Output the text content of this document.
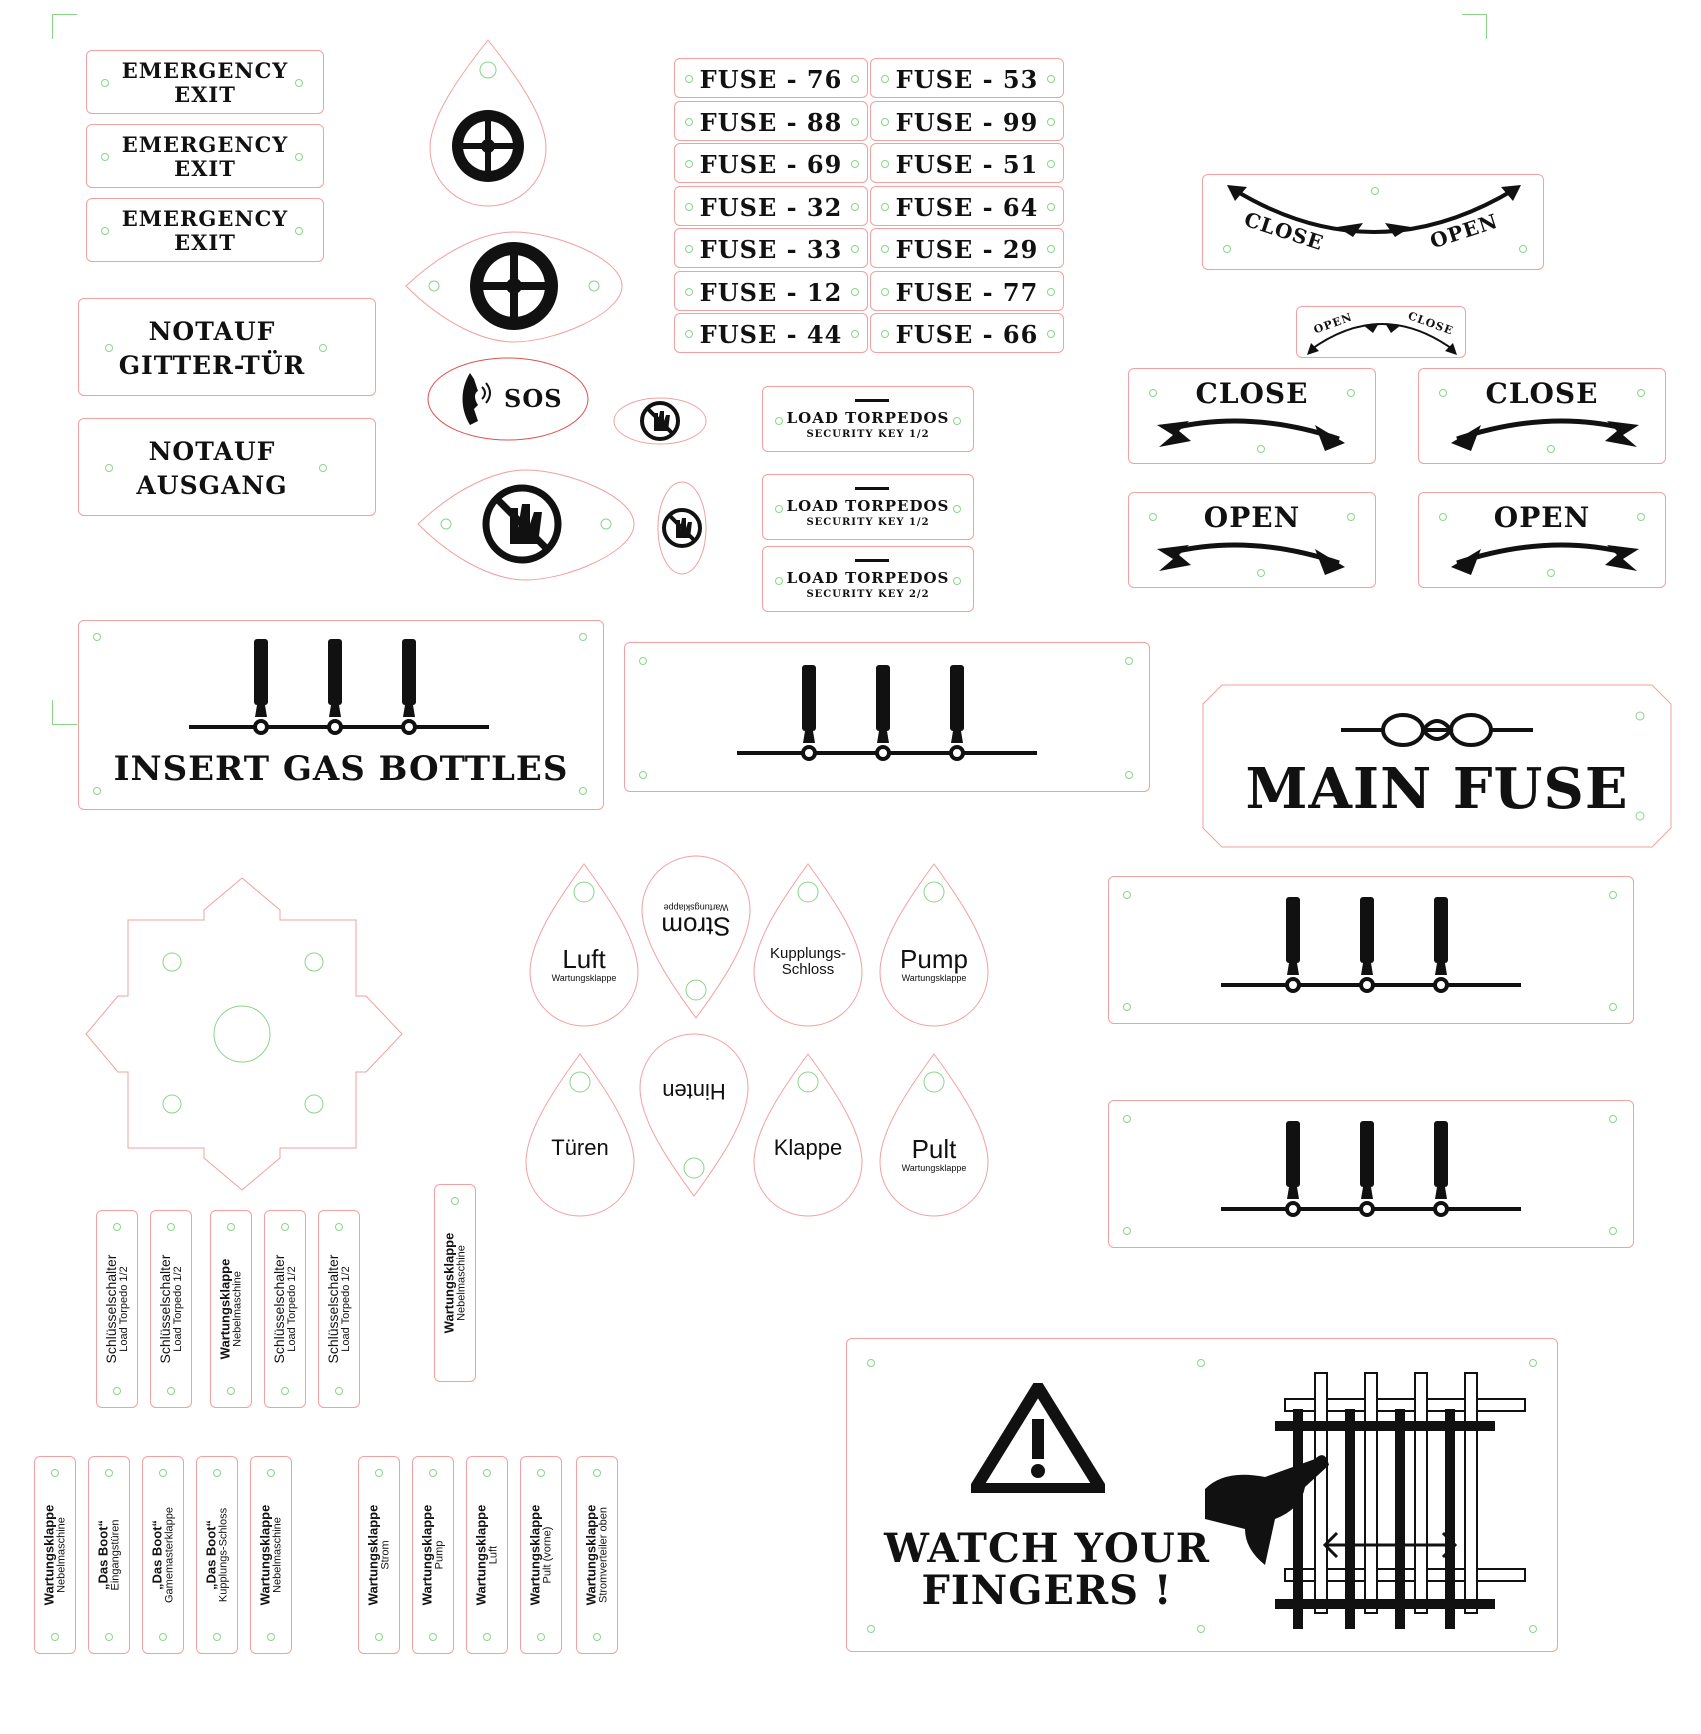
NOTAUF
GITTER-TÜR
NOTAUF
AUSGANG
SOS
CLOSE	OPEN
OPEN	CLOSE
INSERT GAS BOTTLES	MAIN FUSE
Wartungsklappe
Nebelmaschine
WATCH YOUR
FINGERS !
EMERGENCY
EXIT
EMERGENCY
EXIT
EMERGENCY
EXIT
FUSE - 76
FUSE - 88
FUSE - 69
FUSE - 32
FUSE - 33
FUSE - 12
FUSE - 44
FUSE - 53
FUSE - 99
FUSE - 51
FUSE - 64
FUSE - 29
FUSE - 77
FUSE - 66
LOAD TORPEDOS
SECURITY KEY 1/2
LOAD TORPEDOS
SECURITY KEY 1/2
LOAD TORPEDOS
SECURITY KEY 2/2
CLOSE	CLOSE
OPEN	OPEN
Luft
Wartungsklappe
Strom
Wartungsklappe
Kupplungs-
Schloss	Pump
Wartungsklappe
Türen
Hinten
Klappe	Pult
Wartungsklappe
Schlüsselschalter
Load Torpedo 1/2 Schlüsselschalter
Load Torpedo 1/2	Wartungsklappe
Nebelmaschine Schlüsselschalter
Load Torpedo 1/2 Schlüsselschalter
Load Torpedo 1/2
Wartungsklappe
Nebelmaschine „Das Boot“
Eingangstüren „Das Boot“
Gamemasterklappe „Das Boot“
Kupplungs-Schloss Wartungsklappe
Nebelmaschine	Wartungsklappe
Strom Wartungsklappe
Pump Wartungsklappe
Luft Wartungsklappe
Pult (vorne) Wartungsklappe
Stromverteiler oben
